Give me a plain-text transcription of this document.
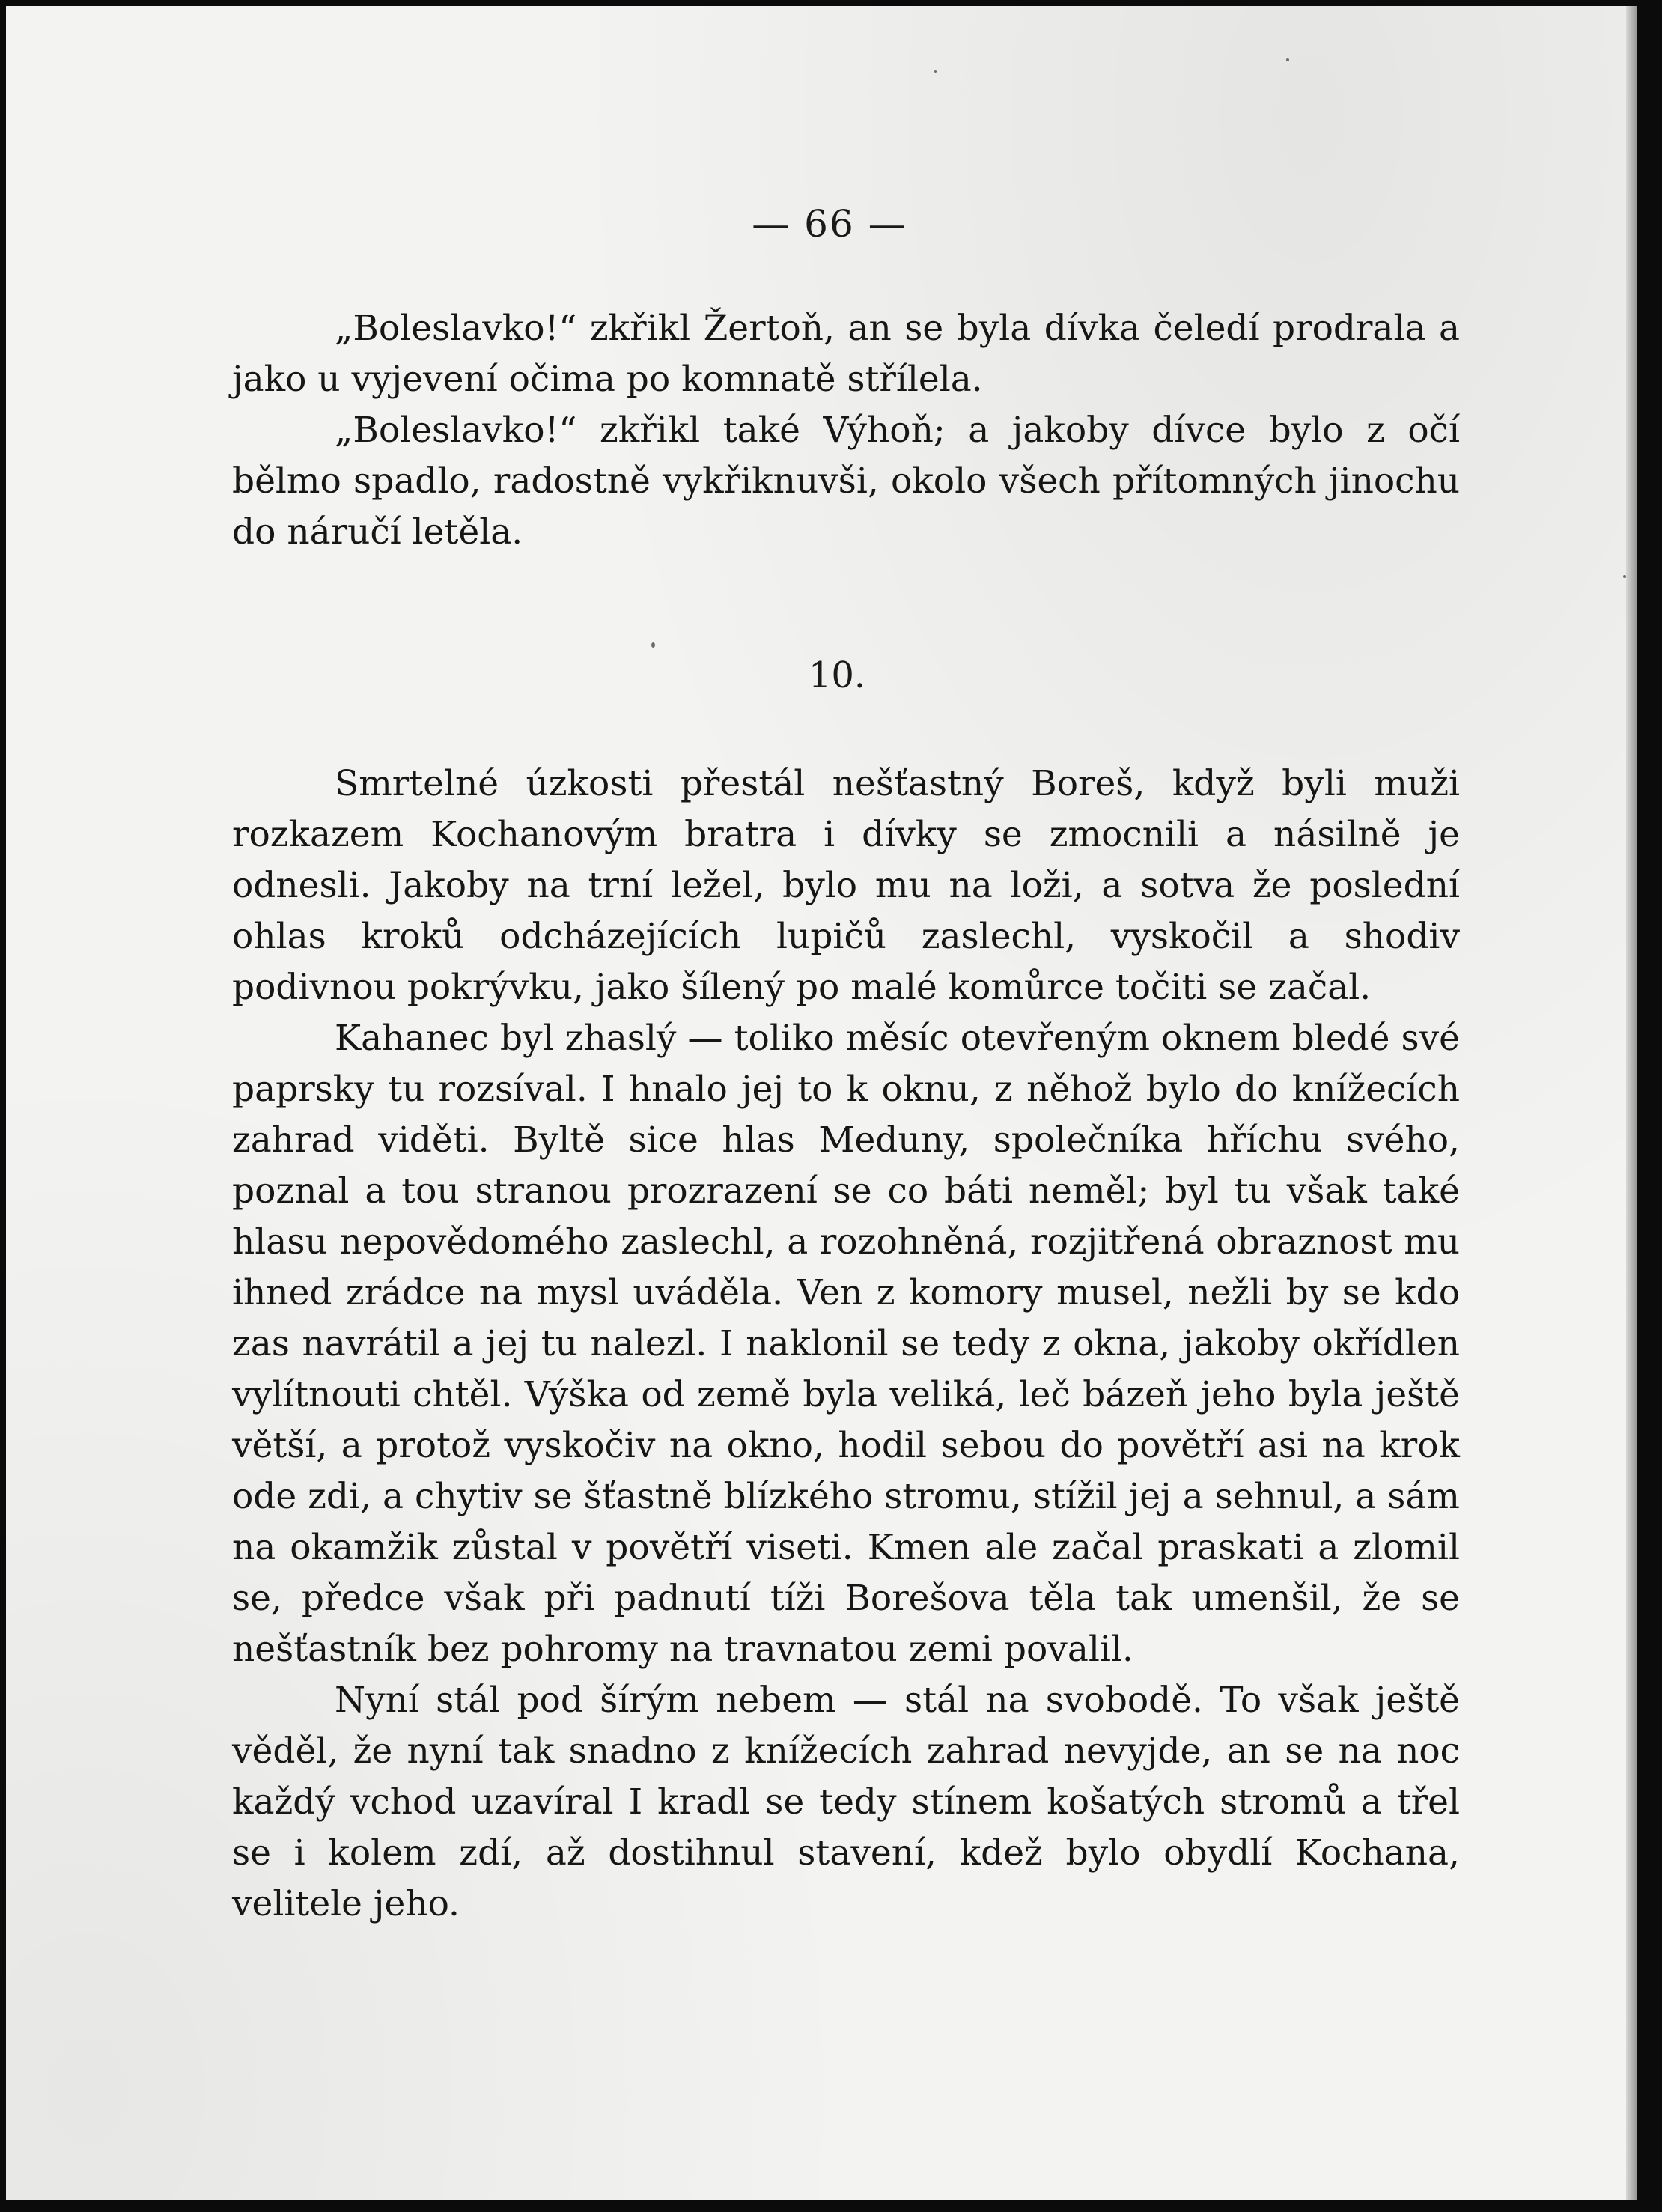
— 66 —

„Boleslavko!“ zkřikl Žertoň, an se byla dívka čeledí prodrala a jako u vyjevení očima po komnatě střílela.

„Boleslavko!“ zkřikl také Výhoň; a jakoby dívce bylo z očí bělmo spadlo, radostně vykřiknuvši, okolo všech přítomných jinochu do náručí letěla.

10.

Smrtelné úzkosti přestál nešťastný Boreš, když byli muži rozkazem Kochanovým bratra i dívky se zmocnili a násilně je odnesli. Jakoby na trní ležel, bylo mu na loži, a sotva že poslední ohlas kroků odcházejících lupičů zaslechl, vyskočil a shodiv podivnou pokrývku, jako šílený po malé komůrce točiti se začal.

Kahanec byl zhaslý — toliko měsíc otevřeným oknem bledé své paprsky tu rozsíval. I hnalo jej to k oknu, z něhož bylo do knížecích zahrad viděti. Byltě sice hlas Meduny, společníka hříchu svého, poznal a tou stranou prozrazení se co báti neměl; byl tu však také hlasu nepovědomého zaslechl, a rozohněná, rozjitřená obraznost mu ihned zrádce na mysl uváděla. Ven z komory musel, nežli by se kdo zas navrátil a jej tu nalezl. I naklonil se tedy z okna, jakoby okřídlen vylítnouti chtěl. Výška od země byla veliká, leč bázeň jeho byla ještě větší, a protož vyskočiv na okno, hodil sebou do povětří asi na krok ode zdi, a chytiv se šťastně blízkého stromu, stížil jej a sehnul, a sám na okamžik zůstal v povětří viseti. Kmen ale začal praskati a zlomil se, předce však při padnutí tíži Borešova těla tak umenšil, že se nešťastník bez pohromy na travnatou zemi povalil.

Nyní stál pod šírým nebem — stál na svobodě. To však ještě věděl, že nyní tak snadno z knížecích zahrad nevyjde, an se na noc každý vchod uzavíral I kradl se tedy stínem košatých stromů a třel se i kolem zdí, až dostihnul stavení, kdež bylo obydlí Kochana, velitele jeho.
